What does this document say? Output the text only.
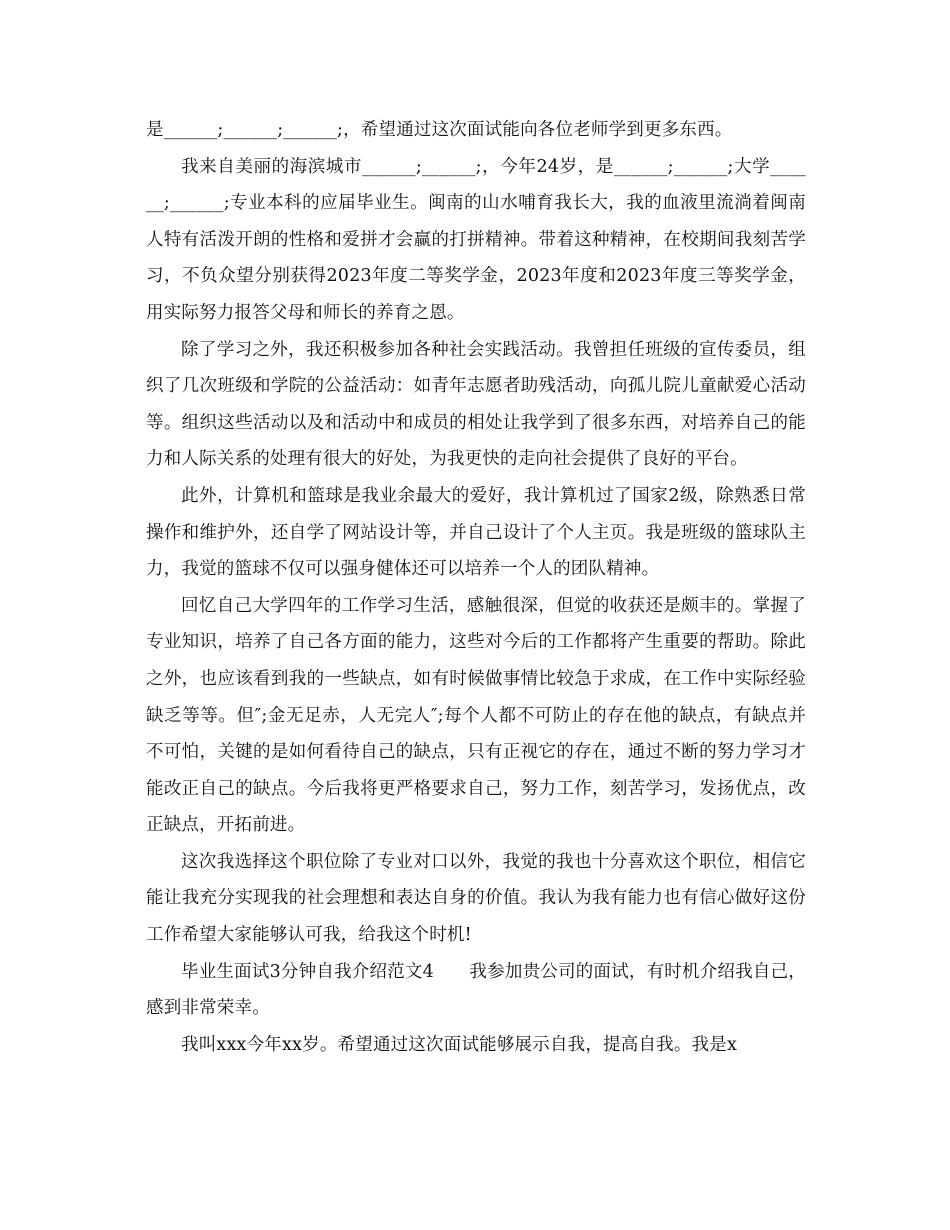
是______;______;______;，希望通过这次面试能向各位老师学到更多东西。

我来自美丽的海滨城市______;______;，今年24岁，是______;______;大学______;______;专业本科的应届毕业生。闽南的山水哺育我长大，我的血液里流淌着闽南人特有活泼开朗的性格和爱拼才会赢的打拼精神。带着这种精神，在校期间我刻苦学习，不负众望分别获得2023年度二等奖学金，2023年度和2023年度三等奖学金，用实际努力报答父母和师长的养育之恩。

除了学习之外，我还积极参加各种社会实践活动。我曾担任班级的宣传委员，组织了几次班级和学院的公益活动：如青年志愿者助残活动，向孤儿院儿童献爱心活动等。组织这些活动以及和活动中和成员的相处让我学到了很多东西，对培养自己的能力和人际关系的处理有很大的好处，为我更快的走向社会提供了良好的平台。

此外，计算机和篮球是我业余最大的爱好，我计算机过了国家2级，除熟悉日常操作和维护外，还自学了网站设计等，并自己设计了个人主页。我是班级的篮球队主力，我觉的篮球不仅可以强身健体还可以培养一个人的团队精神。

回忆自己大学四年的工作学习生活，感触很深，但觉的收获还是颇丰的。掌握了专业知识，培养了自己各方面的能力，这些对今后的工作都将产生重要的帮助。除此之外，也应该看到我的一些缺点，如有时候做事情比较急于求成，在工作中实际经验缺乏等等。但″;金无足赤，人无完人″;每个人都不可防止的存在他的缺点，有缺点并不可怕，关键的是如何看待自己的缺点，只有正视它的存在，通过不断的努力学习才能改正自己的缺点。今后我将更严格要求自己，努力工作，刻苦学习，发扬优点，改正缺点，开拓前进。

这次我选择这个职位除了专业对口以外，我觉的我也十分喜欢这个职位，相信它能让我充分实现我的社会理想和表达自身的价值。我认为我有能力也有信心做好这份工作希望大家能够认可我，给我这个时机!

毕业生面试3分钟自我介绍范文4　　我参加贵公司的面试，有时机介绍我自己，感到非常荣幸。

我叫xxx今年xx岁。希望通过这次面试能够展示自我，提高自我。我是x
